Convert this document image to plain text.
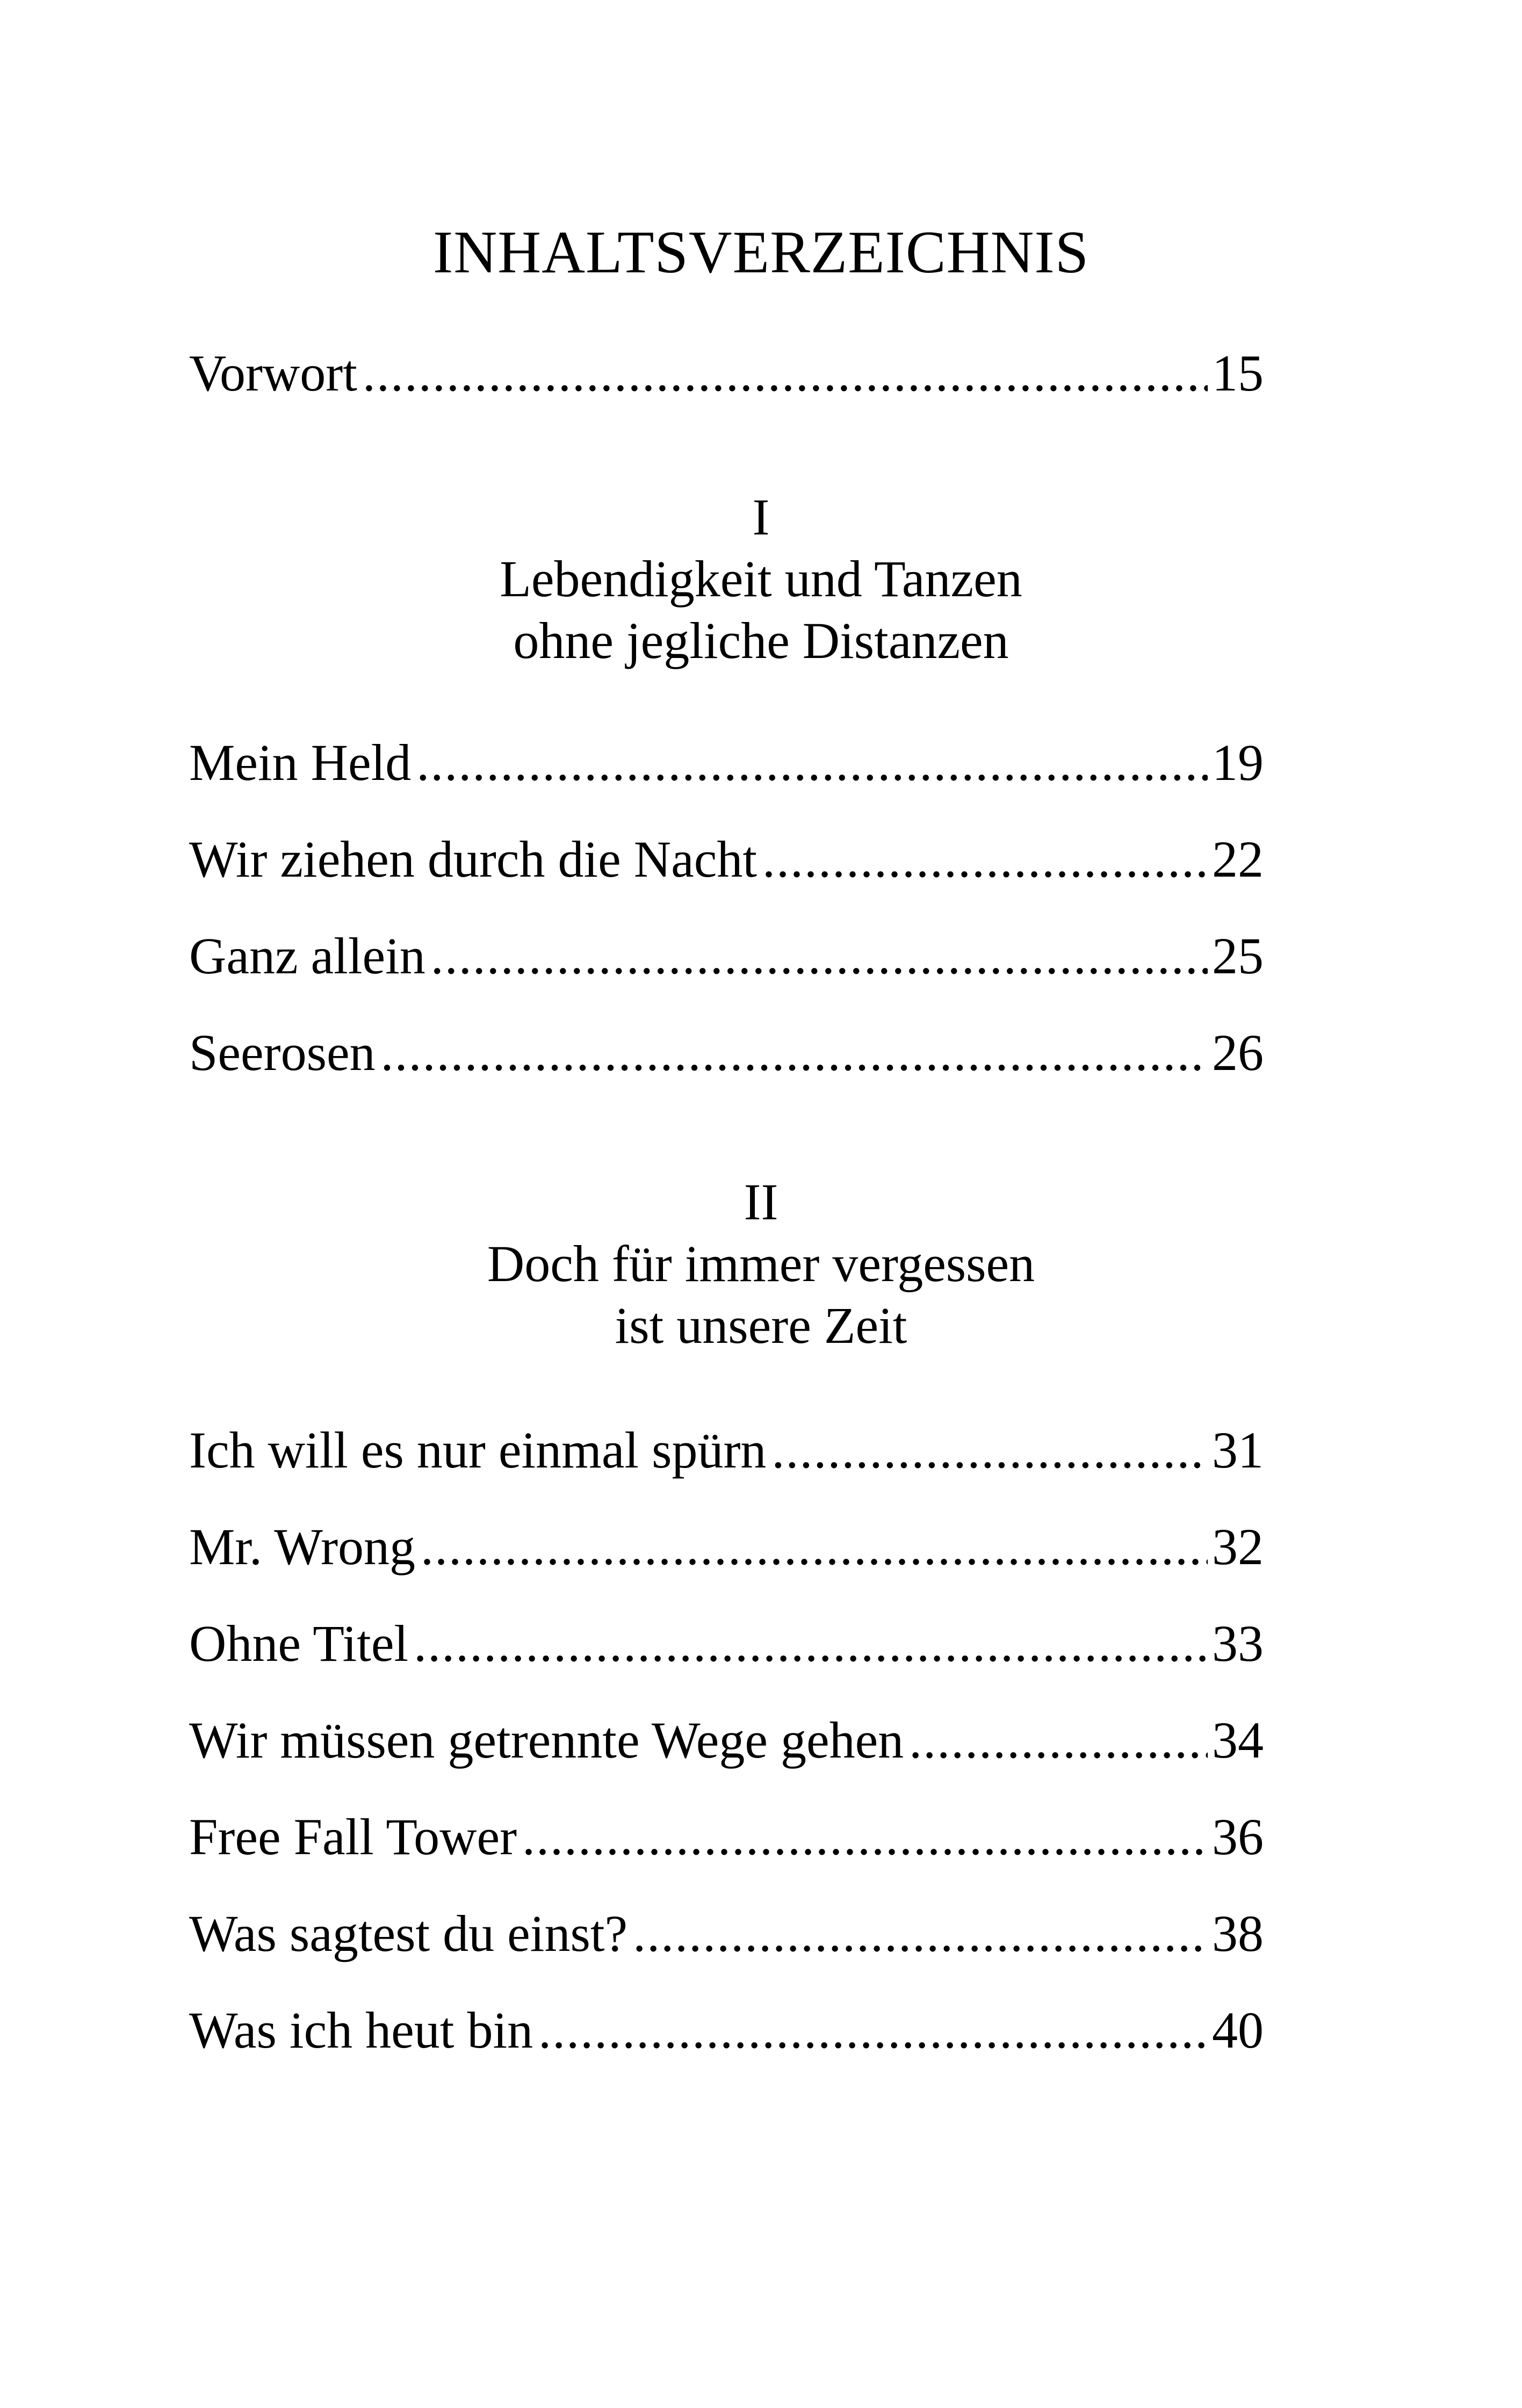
INHALTSVERZEICHNIS
Vorwort .....	15
I
Lebendigkeit und Tanzen
ohne jegliche Distanzen
Mein Held .....	19
Wir ziehen durch die Nacht .....	22
Ganz allein .....	25
Seerosen .....	26
II
Doch für immer vergessen
ist unsere Zeit
Ich will es nur einmal spürn .....	31
Mr. Wrong .....	32
Ohne Titel .....	33
Wir müssen getrennte Wege gehen .....	34
Free Fall Tower .....	36
Was sagtest du einst? .....	38
Was ich heut bin .....	40
